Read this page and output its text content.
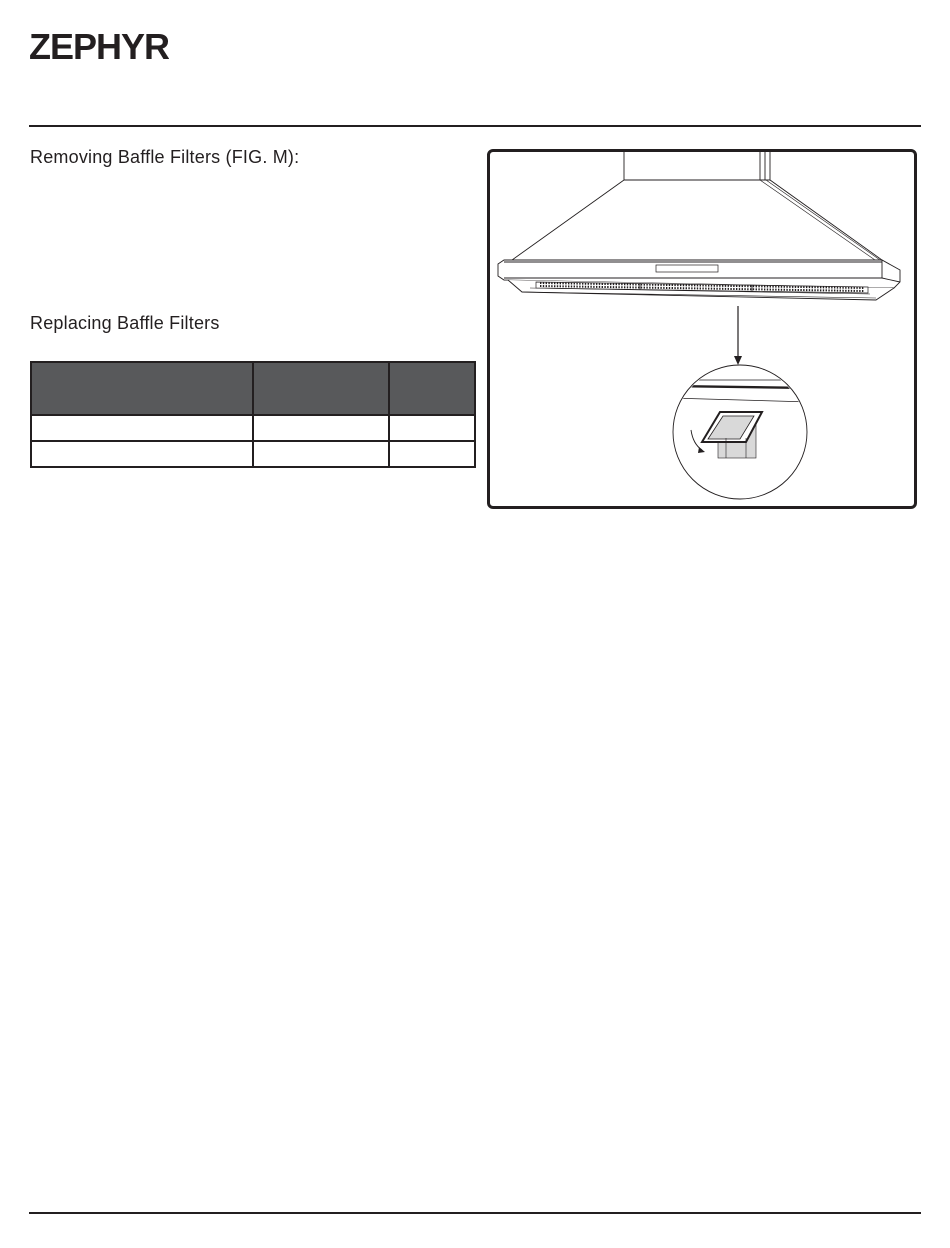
ZEPHYR
Removing Baffle Filters (FIG. M):
Replacing Baffle Filters
